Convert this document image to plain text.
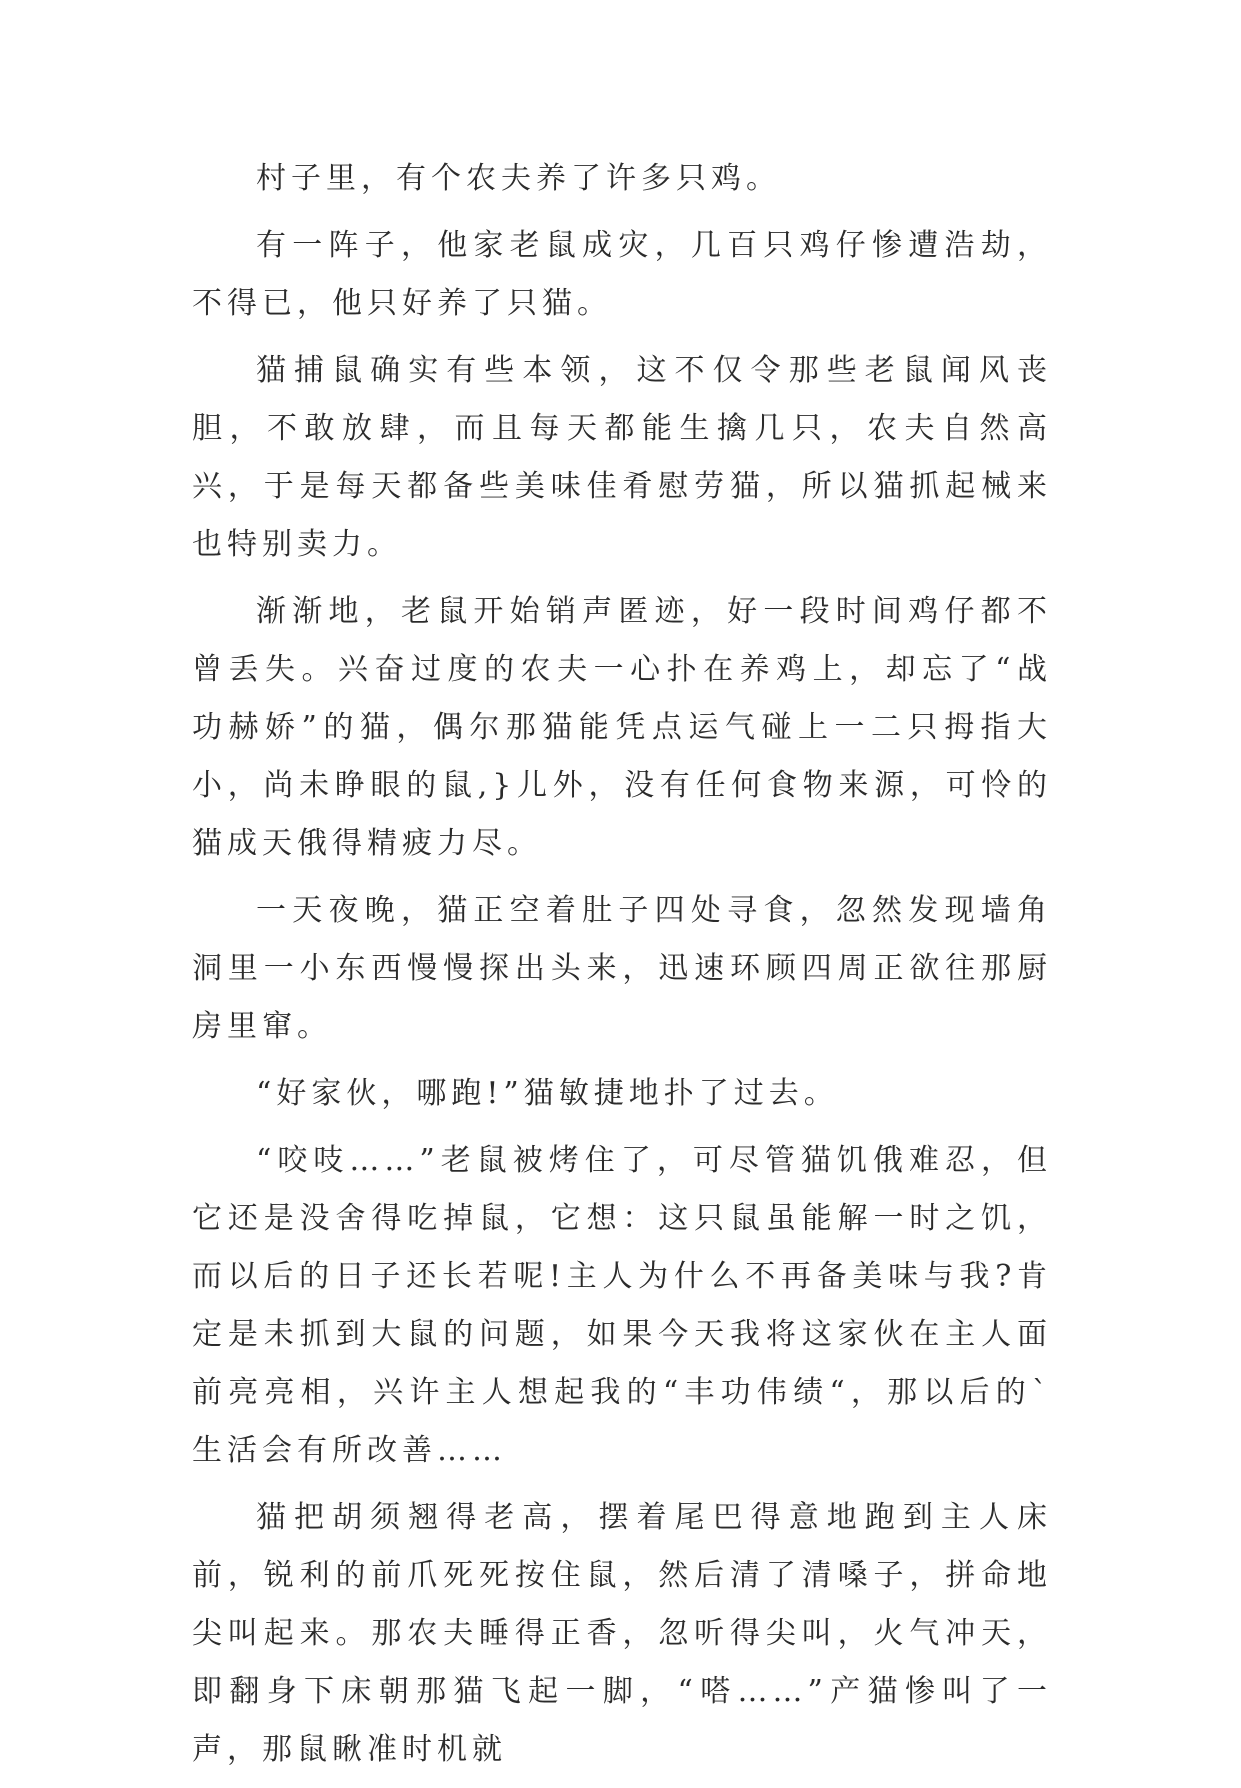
村子里，有个农夫养了许多只鸡。

有一阵子，他家老鼠成灾，几百只鸡仔惨遭浩劫，不得已，他只好养了只猫。

猫捕鼠确实有些本领，这不仅令那些老鼠闻风丧胆，不敢放肆，而且每天都能生擒几只，农夫自然高兴，于是每天都备些美味佳肴慰劳猫，所以猫抓起械来也特别卖力。

渐渐地，老鼠开始销声匿迹，好一段时间鸡仔都不曾丢失。兴奋过度的农夫一心扑在养鸡上，却忘了“战功赫娇”的猫，偶尔那猫能凭点运气碰上一二只拇指大小，尚未睁眼的鼠,}儿外，没有任何食物来源，可怜的猫成天俄得精疲力尽。

一天夜晚，猫正空着肚子四处寻食，忽然发现墙角洞里一小东西慢慢探出头来，迅速环顾四周正欲往那厨房里窜。

“好家伙，哪跑!”猫敏捷地扑了过去。

“咬吱……”老鼠被烤住了，可尽管猫饥俄难忍，但它还是没舍得吃掉鼠，它想：这只鼠虽能解一时之饥，而以后的日子还长若呢!主人为什么不再备美味与我?肯定是未抓到大鼠的问题，如果今天我将这家伙在主人面前亮亮相，兴许主人想起我的“丰功伟绩“，那以后的`生活会有所改善……

猫把胡须翘得老高，摆着尾巴得意地跑到主人床前，锐利的前爪死死按住鼠，然后清了清嗓子，拼命地尖叫起来。那农夫睡得正香，忽听得尖叫，火气冲天，即翻身下床朝那猫飞起一脚，“嗒……”产猫惨叫了一声，那鼠瞅准时机就
